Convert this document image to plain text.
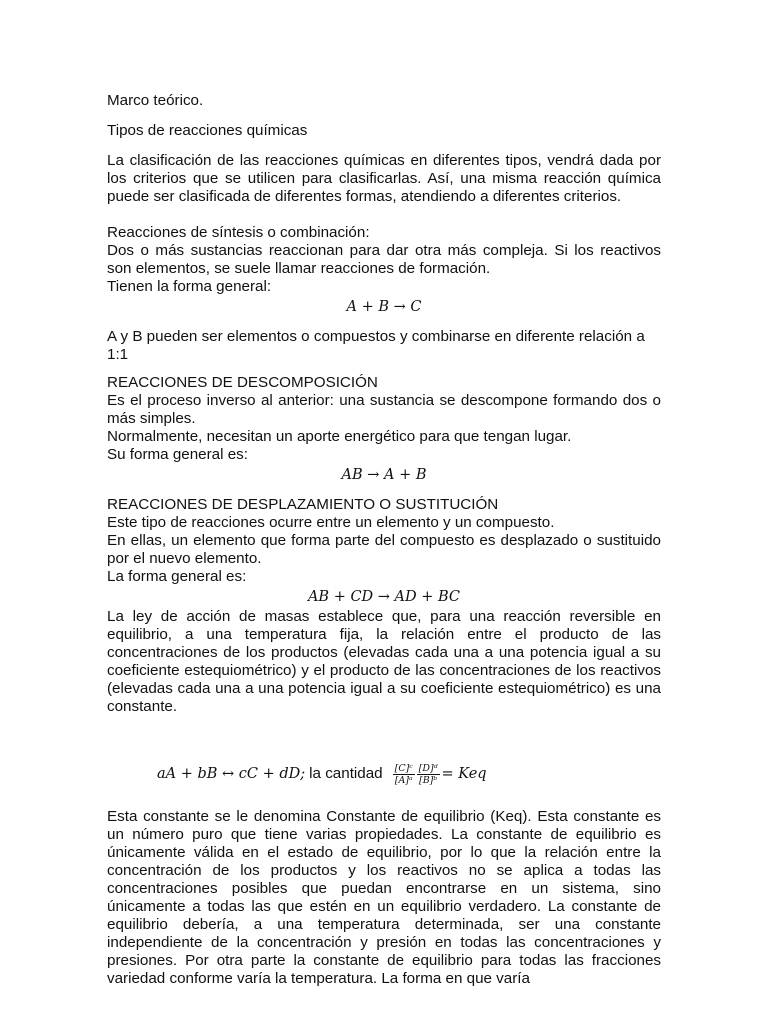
Marco teórico.

Tipos de reacciones químicas

La clasificación de las reacciones químicas en diferentes tipos, vendrá dada por los criterios que se utilicen para clasificarlas. Así, una misma reacción química puede ser clasificada de diferentes formas, atendiendo a diferentes criterios.

Reacciones de síntesis o combinación:

Dos o más sustancias reaccionan para dar otra más compleja. Si los reactivos son elementos, se suele llamar reacciones de formación.

Tienen la forma general:

A + B → C

A y B pueden ser elementos o compuestos y combinarse en diferente relación a 1:1

REACCIONES DE DESCOMPOSICIÓN

Es el proceso inverso al anterior: una sustancia se descompone formando dos o más simples.

Normalmente, necesitan un aporte energético para que tengan lugar.

Su forma general es:

AB → A + B

REACCIONES DE DESPLAZAMIENTO O SUSTITUCIÓN

Este tipo de reacciones ocurre entre un elemento y un compuesto.

En ellas, un elemento que forma parte del compuesto es desplazado o sustituido por el nuevo elemento.

La forma general es:

AB + CD → AD + BC

La ley de acción de masas establece que, para una reacción reversible en equilibrio, a una temperatura fija, la relación entre el producto de las concentraciones de los productos (elevadas cada una a una potencia igual a su coeficiente estequiométrico) y el producto de las concentraciones de los reactivos (elevadas cada una a una potencia igual a su coeficiente estequiométrico) es una constante.

aA + bB ↔ cC + dD; la cantidad $\frac{\text{[C]ᶜ}}{\text{[A]ᵃ}} \frac{\text{[D]ᵈ}}{\text{[B]ᵇ}}$ = Keq

Esta constante se le denomina Constante de equilibrio (Keq). Esta constante es un número puro que tiene varias propiedades. La constante de equilibrio es únicamente válida en el estado de equilibrio, por lo que la relación entre la concentración de los productos y los reactivos no se aplica a todas las concentraciones posibles que puedan encontrarse en un sistema, sino únicamente a todas las que estén en un equilibrio verdadero. La constante de equilibrio debería, a una temperatura determinada, ser una constante independiente de la concentración y presión en todas las concentraciones y presiones. Por otra parte la constante de equilibrio para todas las fracciones variedad conforme varía la temperatura. La forma en que varía
